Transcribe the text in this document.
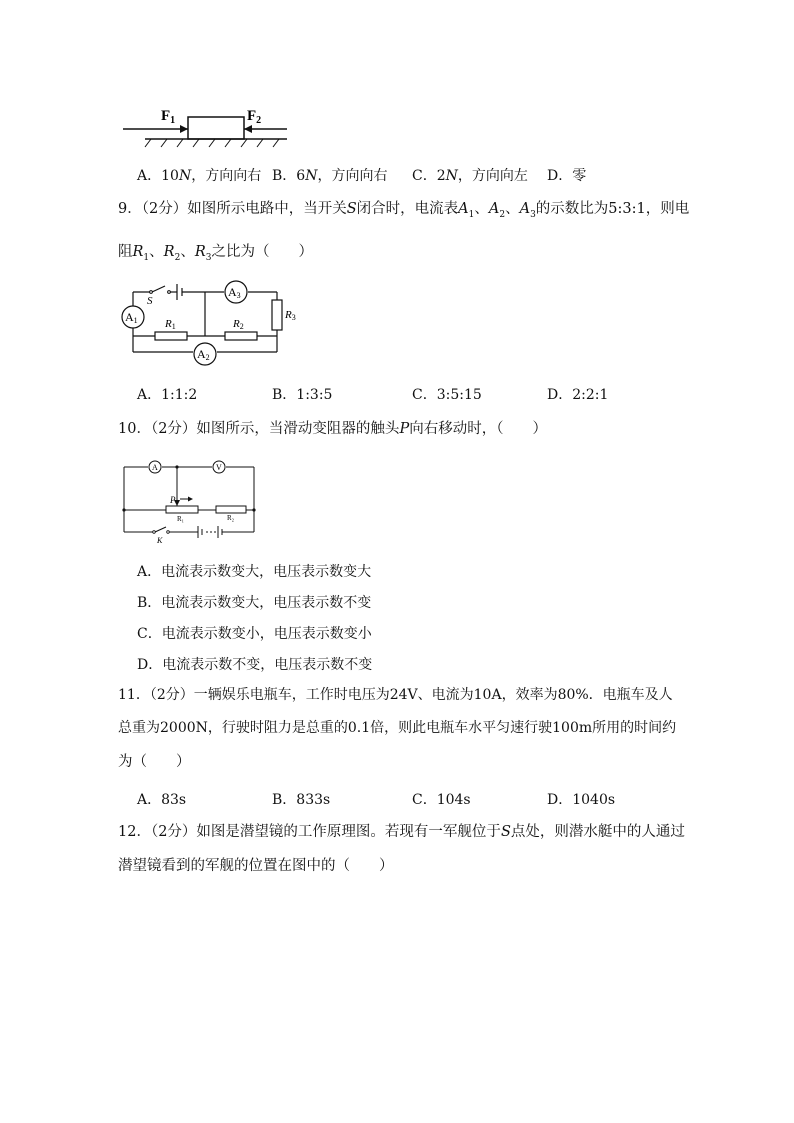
$F_1$	$F_2$
A．10N，方向向右 B．6N，方向向右 C．2N，方向向左 D．零
9．（2分）如图所示电路中，当开关S闭合时，电流表$A_1$、$A_2$、$A_3$的示数比为5:3:1，则电
阻$R_1$、$R_2$、$R_3$之比为（　　）
S
A1
A3
A2
R1	R2
R3
A．1:1:2	B．1:3:5	C．3:5:15	D．2:2:1
10．（2分）如图所示，当滑动变阻器的触头P向右移动时，（　　）
A	V
P
R₁	R₂
K
A．电流表示数变大，电压表示数变大
B．电流表示数变大，电压表示数不变
C．电流表示数变小，电压表示数变小
D．电流表示数不变，电压表示数不变
11．（2分）一辆娱乐电瓶车，工作时电压为24V、电流为10A，效率为80%．电瓶车及人
总重为2000N，行驶时阻力是总重的0.1倍，则此电瓶车水平匀速行驶100m所用的时间约
为（　　）
A．83s	B．833s	C．104s	D．1040s
12．（2分）如图是潜望镜的工作原理图。若现有一军舰位于S点处，则潜水艇中的人通过
潜望镜看到的军舰的位置在图中的（　　）
